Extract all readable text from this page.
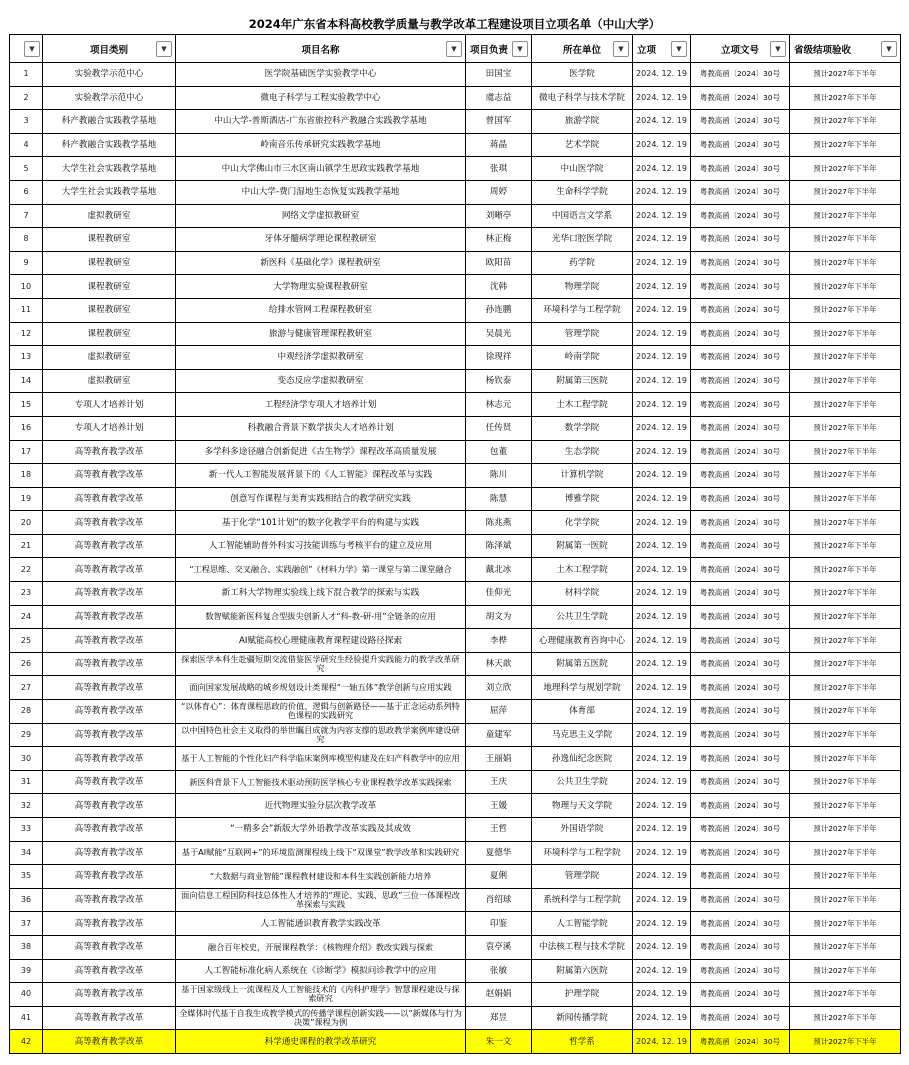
2024年广东省本科高校教学质量与教学改革工程建设项目立项名单（中山大学）
▼	项目类别 ▼	项目名称 ▼	项目负责 ▼	所在单位 ▼	立项 ▼	立项文号 ▼	省级结项验收 ▼

1	实验教学示范中心	医学院基础医学实验教学中心	田国宝	医学院	2024. 12. 19	粤教高函〔2024〕30号	预计2027年下半年
2	实验教学示范中心	微电子科学与工程实验教学中心	虞志益	微电子科学与技术学院	2024. 12. 19	粤教高函〔2024〕30号	预计2027年下半年
3	科产教融合实践教学基地	中山大学-普斯酒店-广东省旅控科产教融合实践教学基地	曾国军	旅游学院	2024. 12. 19	粤教高函〔2024〕30号	预计2027年下半年
4	科产教融合实践教学基地	岭南音乐传承研究实践教学基地	蒋晶	艺术学院	2024. 12. 19	粤教高函〔2024〕30号	预计2027年下半年
5	大学生社会实践教学基地	中山大学佛山市三水区南山镇学生思政实践教学基地	张琪	中山医学院	2024. 12. 19	粤教高函〔2024〕30号	预计2027年下半年
6	大学生社会实践教学基地	中山大学-费门湿地生态恢复实践教学基地	周婷	生命科学学院	2024. 12. 19	粤教高函〔2024〕30号	预计2027年下半年
7	虚拟教研室	网络文学虚拟教研室	刘晰亭	中国语言文学系	2024. 12. 19	粤教高函〔2024〕30号	预计2027年下半年
8	课程教研室	牙体牙髓病学理论课程教研室	林正梅	光华口腔医学院	2024. 12. 19	粤教高函〔2024〕30号	预计2027年下半年
9	课程教研室	新医科《基础化学》课程教研室	欧阳苗	药学院	2024. 12. 19	粤教高函〔2024〕30号	预计2027年下半年
10	课程教研室	大学物理实验课程教研室	沈韩	物理学院	2024. 12. 19	粤教高函〔2024〕30号	预计2027年下半年
11	课程教研室	给排水管网工程课程教研室	孙连鹏	环境科学与工程学院	2024. 12. 19	粤教高函〔2024〕30号	预计2027年下半年
12	课程教研室	旅游与健康管理课程教研室	吴晨光	管理学院	2024. 12. 19	粤教高函〔2024〕30号	预计2027年下半年
13	虚拟教研室	中观经济学虚拟教研室	徐现祥	岭南学院	2024. 12. 19	粤教高函〔2024〕30号	预计2027年下半年
14	虚拟教研室	变态反应学虚拟教研室	杨钦泰	附属第三医院	2024. 12. 19	粤教高函〔2024〕30号	预计2027年下半年
15	专项人才培养计划	工程经济学专项人才培养计划	林志元	土木工程学院	2024. 12. 19	粤教高函〔2024〕30号	预计2027年下半年
16	专项人才培养计划	科教融合背景下数学拔尖人才培养计划	任传贤	数学学院	2024. 12. 19	粤教高函〔2024〕30号	预计2027年下半年
17	高等教育教学改革	多学科多途径融合创新促进《古生物学》课程改革高质量发展	包董	生态学院	2024. 12. 19	粤教高函〔2024〕30号	预计2027年下半年
18	高等教育教学改革	新一代人工智能发展背景下的《人工智能》课程改革与实践	陈川	计算机学院	2024. 12. 19	粤教高函〔2024〕30号	预计2027年下半年
19	高等教育教学改革	创意写作课程与美育实践相结合的教学研究实践	陈慧	博雅学院	2024. 12. 19	粤教高函〔2024〕30号	预计2027年下半年
20	高等教育教学改革	基于化学“101计划”的数字化教学平台的构建与实践	陈兆燕	化学学院	2024. 12. 19	粤教高函〔2024〕30号	预计2027年下半年
21	高等教育教学改革	人工智能辅助普外科实习技能训练与考核平台的建立及应用	陈泽斌	附属第一医院	2024. 12. 19	粤教高函〔2024〕30号	预计2027年下半年
22	高等教育教学改革	“工程思维、交叉融合、实践融创”《材料力学》第一课堂与第二课堂融合	戴北冰	土木工程学院	2024. 12. 19	粤教高函〔2024〕30号	预计2027年下半年
23	高等教育教学改革	新工科大学物理实验线上线下混合教学的探索与实践	佳仰光	材料学院	2024. 12. 19	粤教高函〔2024〕30号	预计2027年下半年
24	高等教育教学改革	数智赋能新医科复合型拔尖创新人才“科-教-研-用”全链条的应用	胡文为	公共卫生学院	2024. 12. 19	粤教高函〔2024〕30号	预计2027年下半年
25	高等教育教学改革	AI赋能高校心理健康教育课程建设路径探索	李桦	心理健康教育咨询中心	2024. 12. 19	粤教高函〔2024〕30号	预计2027年下半年
26	高等教育教学改革	探索医学本科生赴疆短期交流借鉴医学研究生经验提升实践能力的教学改革研究	林天歆	附属第五医院	2024. 12. 19	粤教高函〔2024〕30号	预计2027年下半年
27	高等教育教学改革	面向国家发展战略的城乡规划设计类课程“一轴五体”教学创新与应用实践	刘立欣	地理科学与规划学院	2024. 12. 19	粤教高函〔2024〕30号	预计2027年下半年
28	高等教育教学改革	“以体育心”：体育课程思政的价值、逻辑与创新路径——基于正念运动系列特色课程的实践研究	屈萍	体育部	2024. 12. 19	粤教高函〔2024〕30号	预计2027年下半年
29	高等教育教学改革	以中国特色社会主义取得的举世瞩目成就为内容支撑的思政教学案例库建设研究	童建军	马克思主义学院	2024. 12. 19	粤教高函〔2024〕30号	预计2027年下半年
30	高等教育教学改革	基于人工智能的个性化妇产科学临床案例库模型构建及在妇产科教学中的应用	王丽娟	孙逸仙纪念医院	2024. 12. 19	粤教高函〔2024〕30号	预计2027年下半年
31	高等教育教学改革	新医科背景下人工智能技术驱动预防医学核心专业课程教学改革实践探索	王庆	公共卫生学院	2024. 12. 19	粤教高函〔2024〕30号	预计2027年下半年
32	高等教育教学改革	近代物理实验分层次教学改革	王媛	物理与天文学院	2024. 12. 19	粤教高函〔2024〕30号	预计2027年下半年
33	高等教育教学改革	“一精多会”新版大学外语教学改革实践及其成效	王哲	外国语学院	2024. 12. 19	粤教高函〔2024〕30号	预计2027年下半年
34	高等教育教学改革	基于AI赋能“互联网+”的环境监测课程线上线下“双课堂”教学改革和实践研究	夏德华	环境科学与工程学院	2024. 12. 19	粤教高函〔2024〕30号	预计2027年下半年
35	高等教育教学改革	“大数据与商业智能”课程教材建设和本科生实践创新能力培养	夏俐	管理学院	2024. 12. 19	粤教高函〔2024〕30号	预计2027年下半年
36	高等教育教学改革	面向信息工程国防科技总体性人才培养的“理论、实践、思政”三位一体课程改革探索与实践	肖绍球	系统科学与工程学院	2024. 12. 19	粤教高函〔2024〕30号	预计2027年下半年
37	高等教育教学改革	人工智能通识教育教学实践改革	印鉴	人工智能学院	2024. 12. 19	粤教高函〔2024〕30号	预计2027年下半年
38	高等教育教学改革	融合百年校史，开展课程教学：《核物理介绍》教改实践与探索	袁亭溪	中法核工程与技术学院	2024. 12. 19	粤教高函〔2024〕30号	预计2027年下半年
39	高等教育教学改革	人工智能标准化病人系统在《诊断学》模拟问诊教学中的应用	张敏	附属第六医院	2024. 12. 19	粤教高函〔2024〕30号	预计2027年下半年
40	高等教育教学改革	基于国家级线上一流课程及人工智能技术的《内科护理学》智慧课程建设与探索研究	赵娟娟	护理学院	2024. 12. 19	粤教高函〔2024〕30号	预计2027年下半年
41	高等教育教学改革	全媒体时代基于自我生成教学模式的传播学课程创新实践——以“新媒体与行为决策”课程为例	郑昱	新闻传播学院	2024. 12. 19	粤教高函〔2024〕30号	预计2027年下半年
42	高等教育教学改革	科学通史课程的教学改革研究	朱一文	哲学系	2024. 12. 19	粤教高函〔2024〕30号	预计2027年下半年
